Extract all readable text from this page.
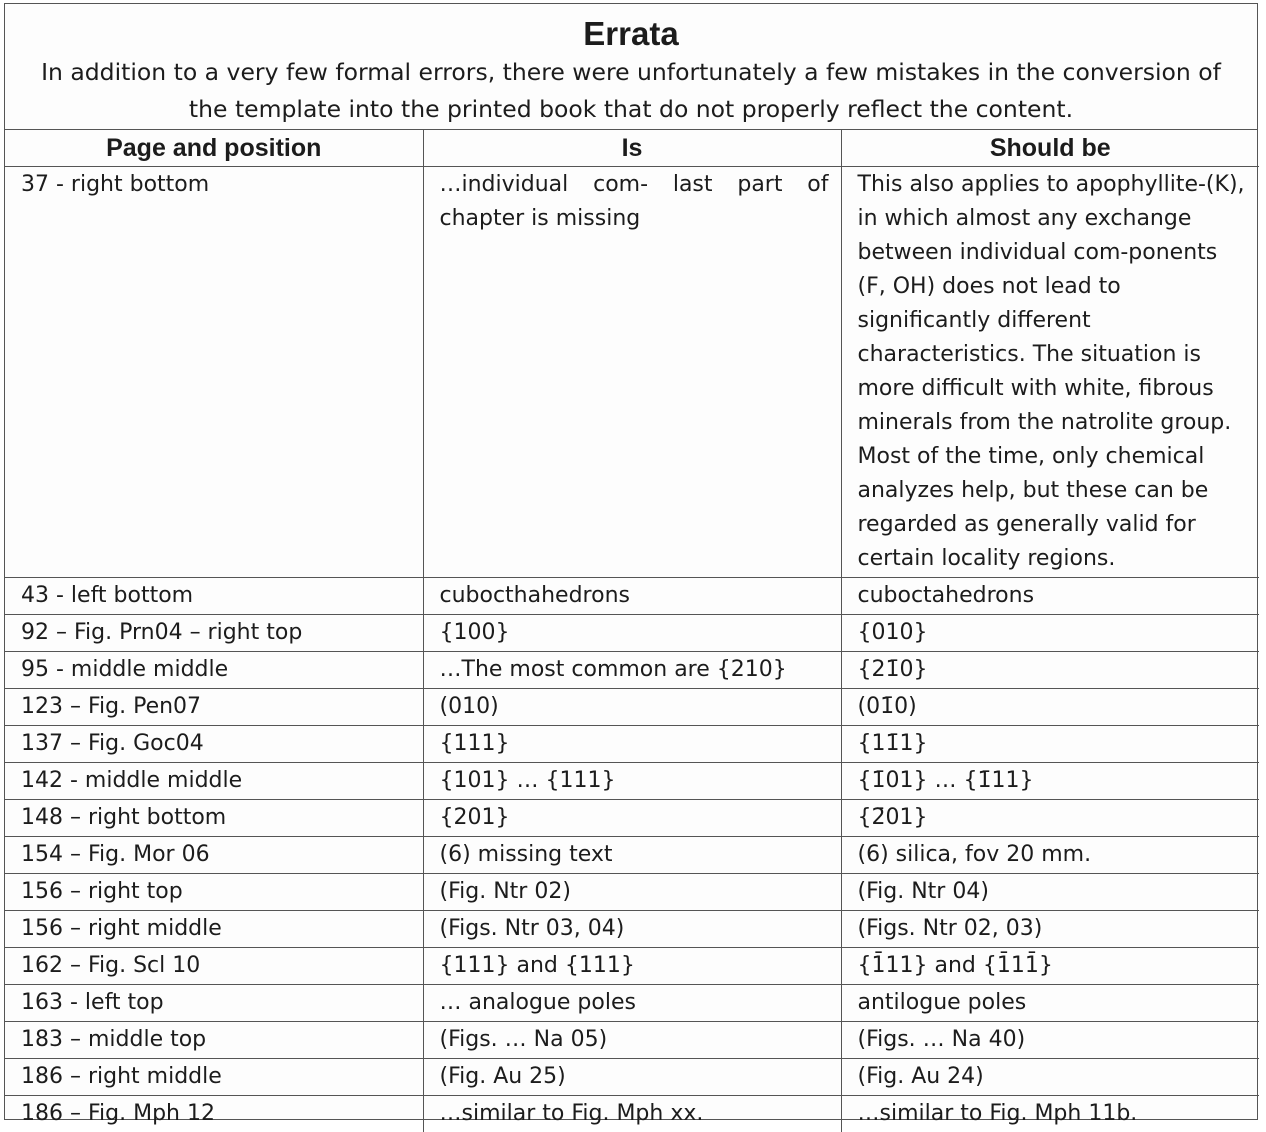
Errata
In addition to a very few formal errors, there were unfortunately a few mistakes in the conversion of the template into the printed book that do not properly reflect the content.
Page and position	Is	Should be
37 - right bottom	…individual com- last part of chapter is missing	This also applies to apophyllite-(K), in which almost any exchange between individual com-ponents (F, OH) does not lead to significantly different characteristics. The situation is more difficult with white, fibrous minerals from the natrolite group. Most of the time, only chemical analyzes help, but these can be regarded as generally valid for certain locality regions.
43 - left bottom	cubocthahedrons	cuboctahedrons
92 – Fig. Prn04 – right top	{100}	{010}
95 - middle middle	…The most common are {210}	{21̄0}
123 – Fig. Pen07	(010)	(01̄0)
137 – Fig. Goc04	{111}	{11̄1}
142 - middle middle	{101} … {111}	{1̄01} … {1̄11}
148 – right bottom	{201}	{2̄01}
154 – Fig. Mor 06	(6) missing text	(6) silica, fov 20 mm.
156 – right top	(Fig. Ntr 02)	(Fig. Ntr 04)
156 – right middle	(Figs. Ntr 03, 04)	(Figs. Ntr 02, 03)
162 – Fig. Scl 10	{111} and {111}	{1̄11} and {1̄11̄}
163 - left top	… analogue poles	antilogue poles
183 – middle top	(Figs. … Na 05)	(Figs. … Na 40)
186 – right middle	(Fig. Au 25)	(Fig. Au 24)
186 – Fig. Mph 12	…similar to Fig. Mph xx.	…similar to Fig. Mph 11b.
